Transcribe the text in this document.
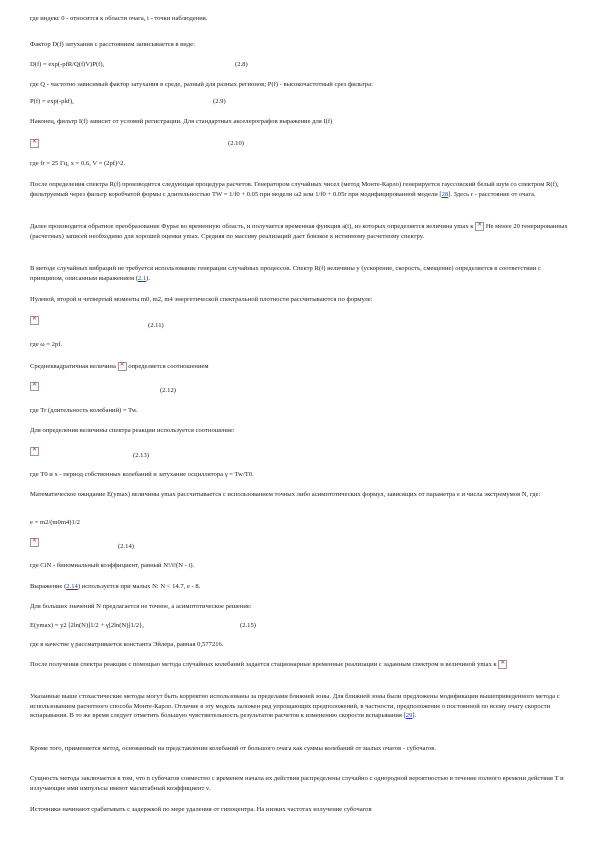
где индекс 0 - относится к области очага, i - точки наблюдения.

Фактор D(f) затухания с расстоянием записывается в виде:

D(f) = exp(-pfR/Q(f)V)P(f),	(2.8)

где Q - частотно зависимый фактор затухания в среде, разный для разных регионов; P(f) - высокочастотный срез фильтра:

P(f) = exp(-pkf),	(2.9)

Наконец, фильтр I(f) зависит от условий регистрации. Для стандартных акселерографов выражение для I(f)

✕
(2.10)

где fr = 25 Гц, x = 0.6, V = (2pf)^2.

После определения спектра R(f) производится следующая процедура расчетов. Генератором случайных чисел (метод Монте-Карло) генерируется гауссовский белый шум со спектром R(f), фильтруемый через фильтр коробчатой формы с длительностью TW = 1/f0 + 0.05 при модели ω2 или 1/f0 + 0.05r при модифицированной модели [28]. Здесь r - расстояние от очага.

Далее производится обратное преобразование Фурье во временную область, и получается временная функция a(t), из которых определяется величина ymax к ✕ Не менее 20 генерированных (расчетных) записей необходимо для хорошей оценки ymax. Средняя по массиву реализаций дает близкое к истинному расчетному спектру.

В методе случайных вибраций не требуется использование генерации случайных процессов. Спектр R(f) величины y (ускорение, скорость, смещение) определяется в соответствии с принципом, описанным выражением (2.1).

Нулевой, второй и четвертый моменты m0, m2, m4 энергетической спектральной плотности рассчитываются по формуле:

✕
(2.11)

где ω = 2pf.

Среднеквадратичная величина ✕ определяется соотношением

✕
(2.12)

где Tr (длительность колебаний) = Tw.

Для определения величины спектра реакции используется соотношение:

✕
(2.13)

где T0 и x - период собственных колебаний и затухание осциллятора γ = Tw/T0.

Математическое ожидание E(ymax) величины ymax рассчитывается с использованием точных либо асимптотических формул, зависящих от параметра e и числа экстремумов N, где:

e = m2/(m0m4)1/2

✕
(2.14)

где CiN - биномиальный коэффициент, равный N!/i!(N - i).

Выражение (2.14) используется при малых N: N < 14.7, e - 8.

Для больших значений N предлагается не точное, а асимптотическое решение:

E(ymax) = y2 [2ln(N)]1/2 + γ[2ln(N)]1/2},	(2.15)

где в качестве γ рассматривается константа Эйлера, равная 0,577216.

После получения спектра реакции с помощью метода случайных колебаний задается стационарные временные реализации с заданным спектром и величиной ymax к ✕

Указанные выше стохастические методы могут быть корректно использованы за пределами ближней зоны. Для ближней зоны были предложены модификации вышеприведенного метода с использованием расчетного способа Монте-Карло. Отличие в эту модель заложен ряд упрощающих предположений, в частности, предположение о постоянной по всему очагу скорости вспарывания. В то же время следует отметить большую чувствительность результатов расчетов к изменению скорости вспарывания [29].

Кроме того, применяется метод, основанный на представлении колебаний от большого очага как суммы колебаний от малых очагов - субочагов.

Сущность метода заключается в том, что n субочагов совместно с временем начала их действия распределены случайно с однородной вероятностью в течение полного времени действия T и излучающие ими импульсы имеют масштабный коэффициент ν.

Источники начинают срабатывать с задержкой по мере удаления от гипоцентра. На низких частотах излучение субочагов
